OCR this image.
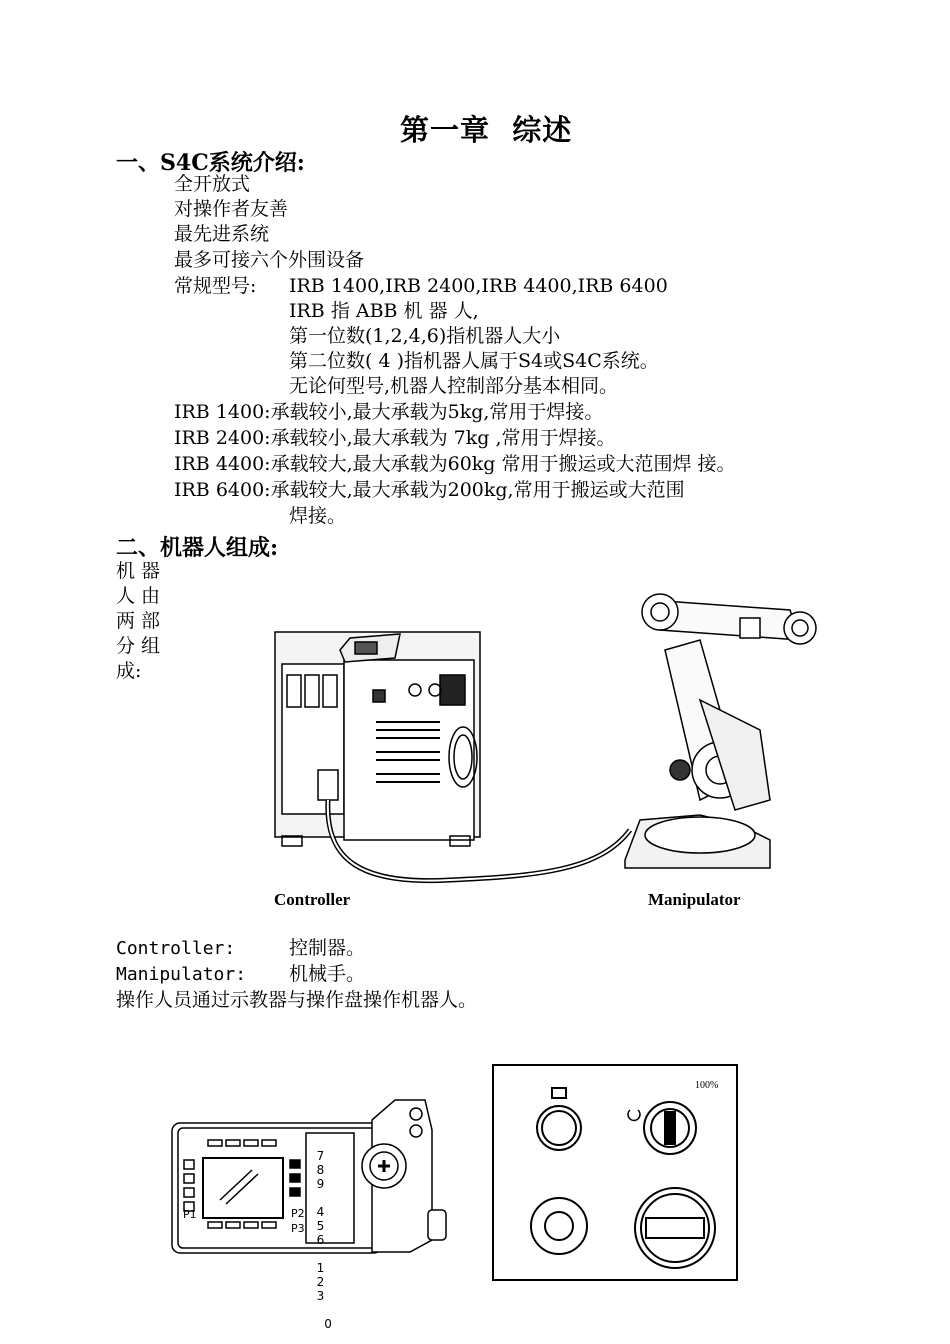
第一章  综述
一、S4C系统介绍:
全开放式
对操作者友善
最先进系统
最多可接六个外围设备
常规型号: IRB 1400,IRB 2400,IRB 4400,IRB 6400
IRB 指 ABB 机 器 人,
第一位数(1,2,4,6)指机器人大小
第二位数( 4 )指机器人属于S4或S4C系统。
无论何型号,机器人控制部分基本相同。
IRB 1400:承载较小,最大承载为5kg,常用于焊接。
IRB 2400:承载较小,最大承载为 7kg ,常用于焊接。
IRB 4400:承载较大,最大承载为60kg 常用于搬运或大范围焊 接。
IRB 6400:承载较大,最大承载为200kg,常用于搬运或大范围
焊接。
二、机器人组成:
机 器
人 由
两 部
分 组
成:
Controller	Manipulator
Controller:	控制器。
Manipulator: 机械手。
操作人员通过示教器与操作盘操作机器人。

7
8
9

4
5
6

1
2
3

0

P1	P2
P3
100%
